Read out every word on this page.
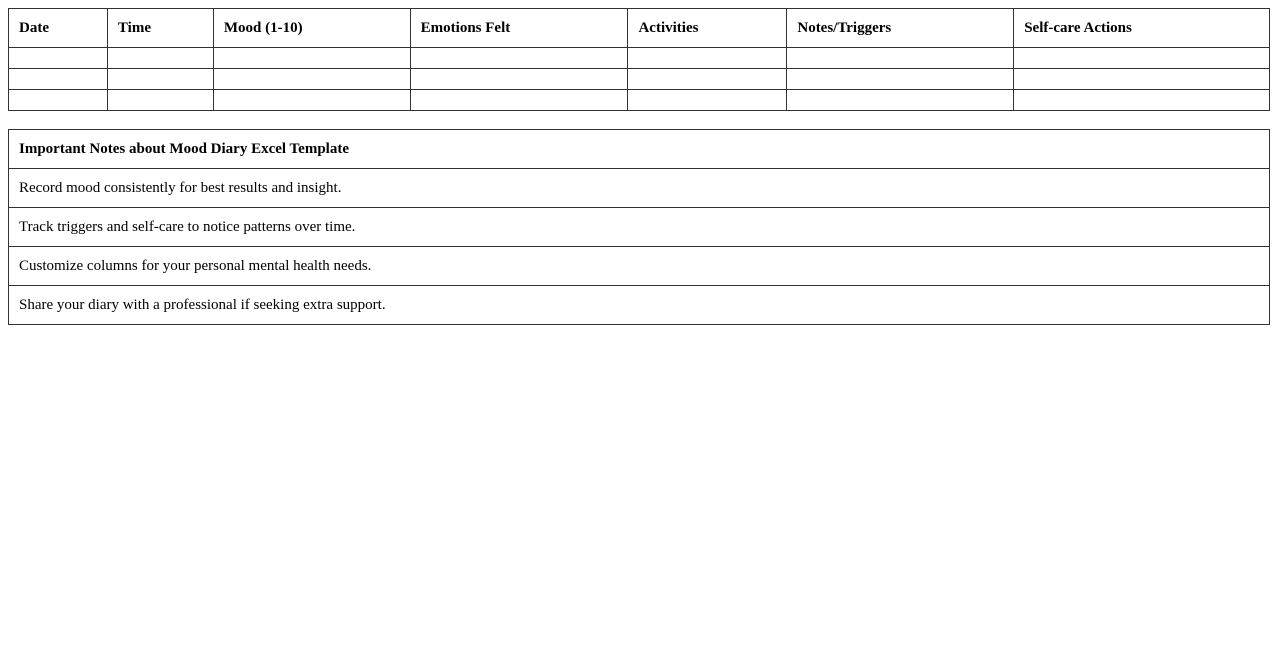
Date	Time	Mood (1-10)	Emotions Felt	Activities	Notes/Triggers	Self-care Actions

Important Notes about Mood Diary Excel Template
Record mood consistently for best results and insight.
Track triggers and self-care to notice patterns over time.
Customize columns for your personal mental health needs.
Share your diary with a professional if seeking extra support.
